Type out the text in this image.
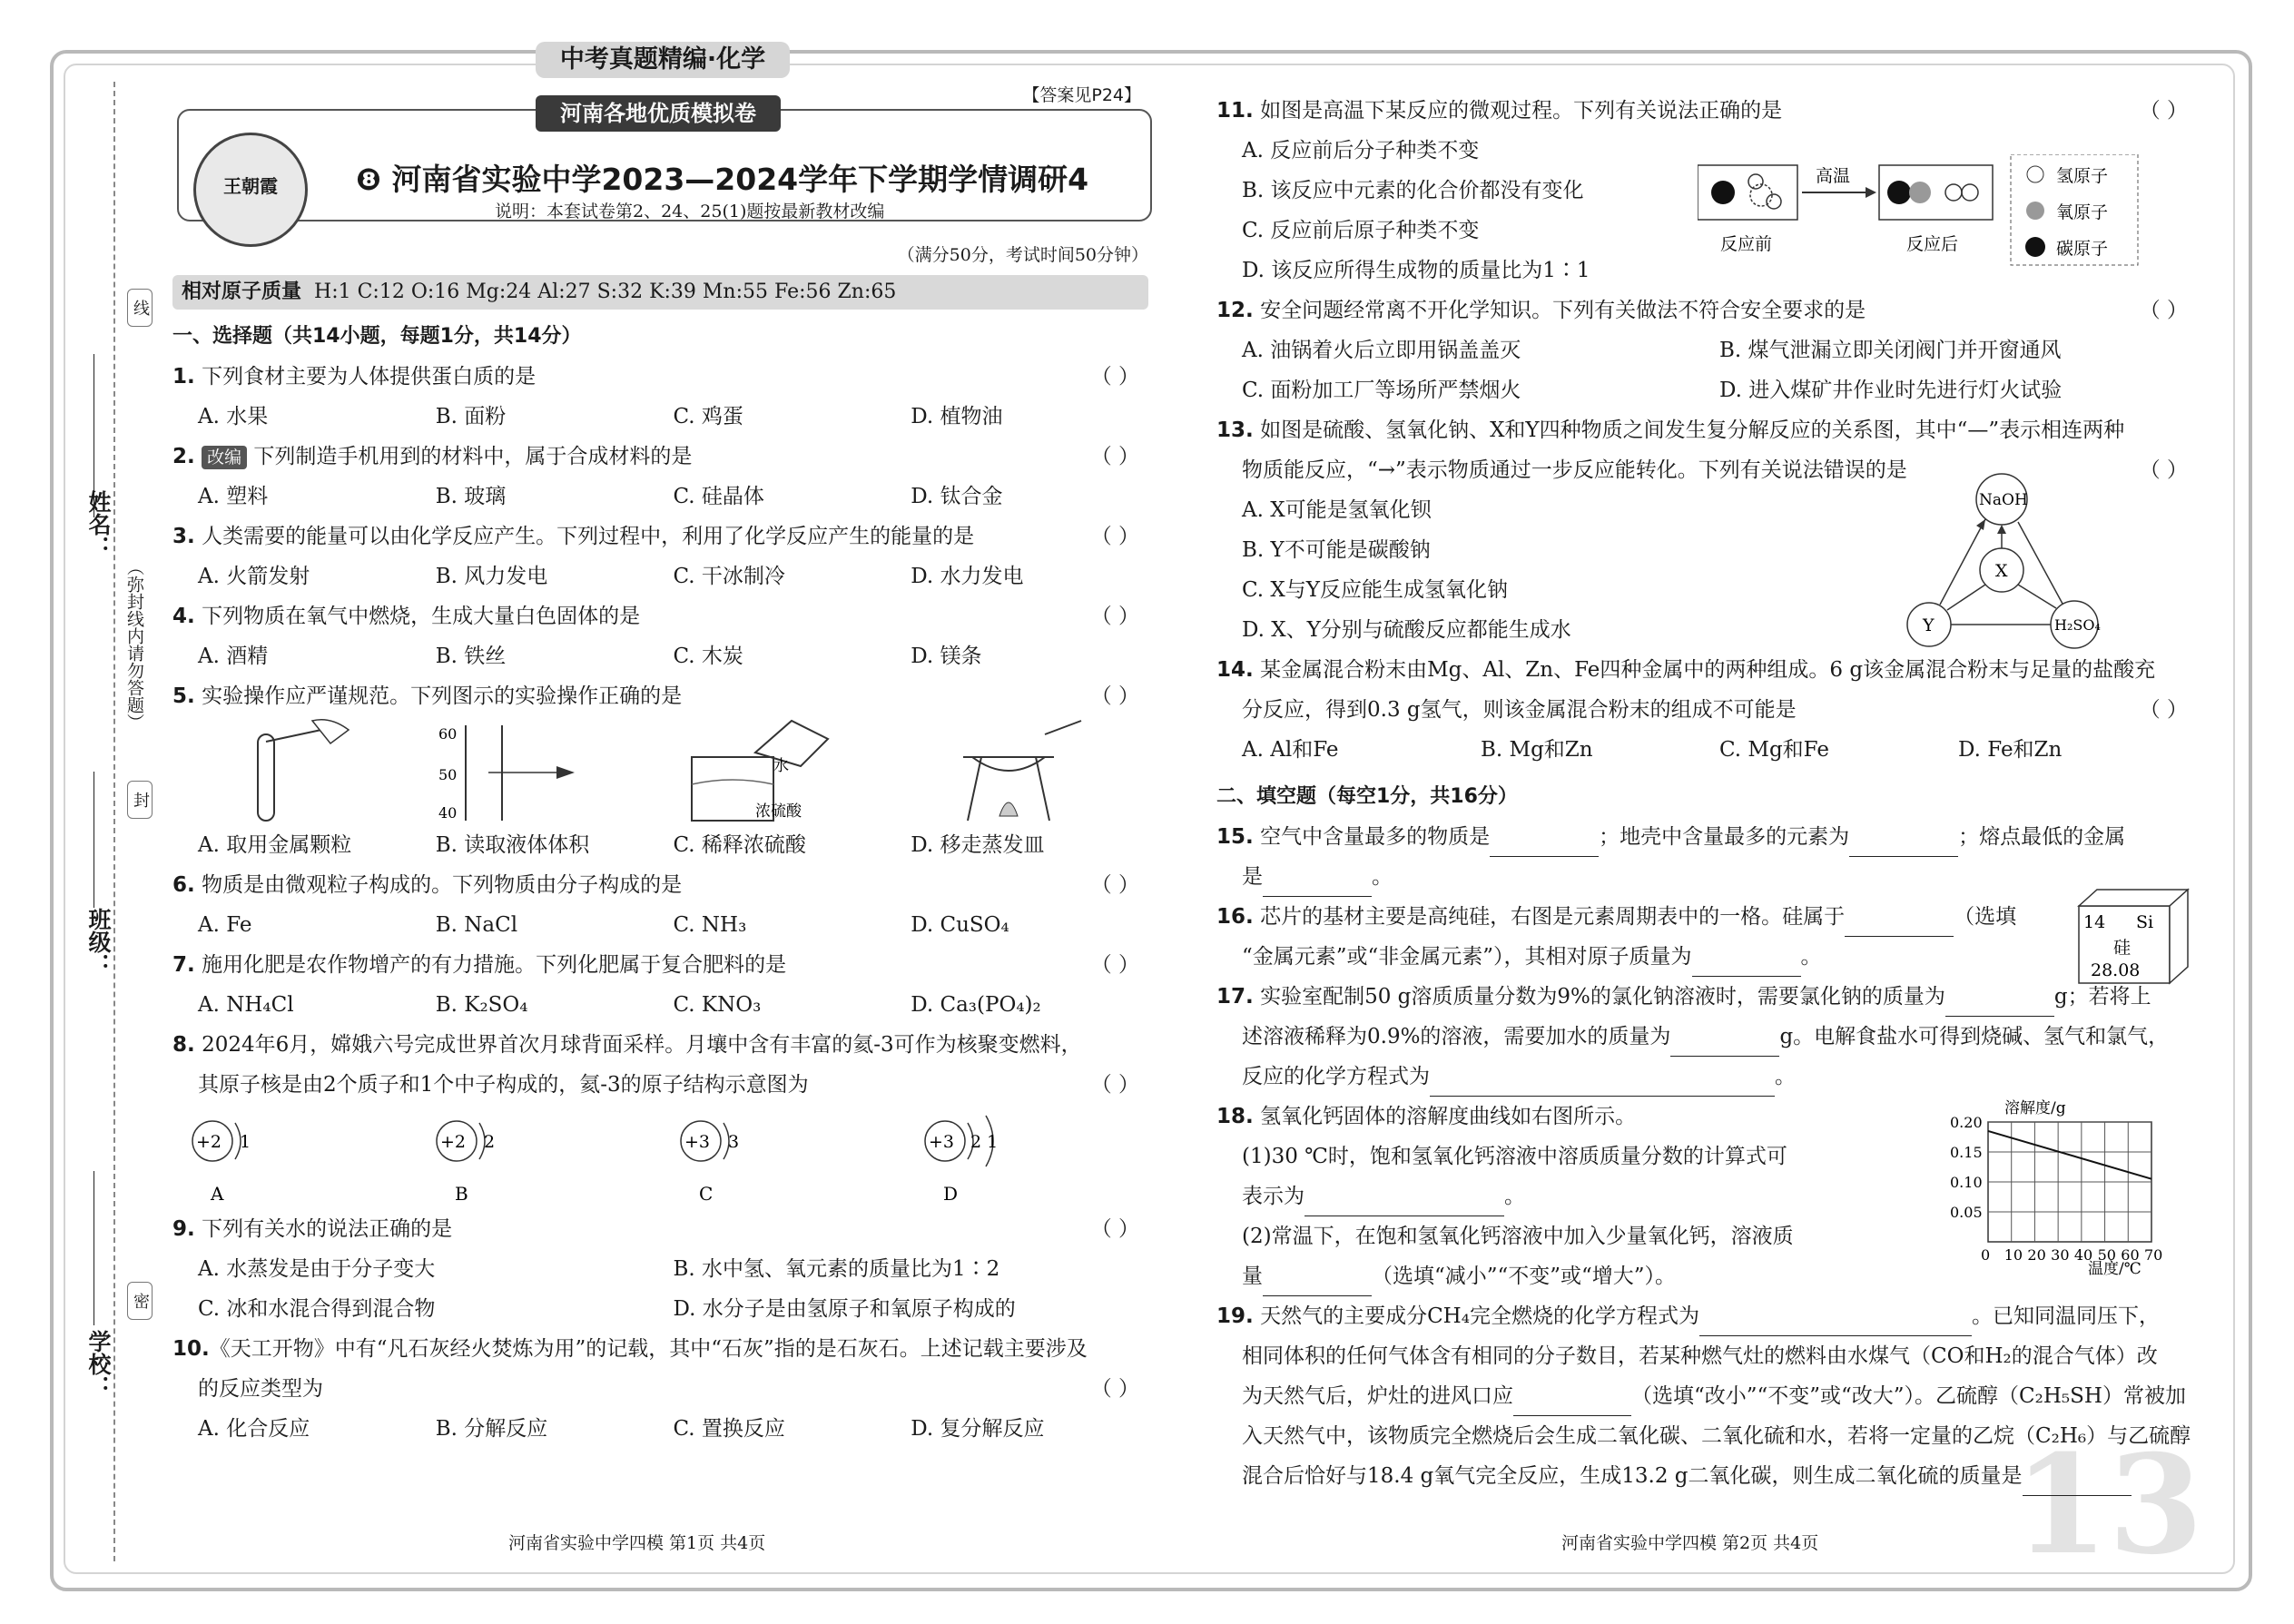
中考真题精编·化学
13
线
封
密
姓名：
班级：
学校：
（弥封线内请勿答题）
【答案见P24】
王朝霞	❽ 河南省实验中学2023—2024学年下学期学情调研4
河南各地优质模拟卷
说明：本套试卷第2、24、25(1)题按最新教材改编
（满分50分，考试时间50分钟）
相对原子质量 H:1 C:12 O:16 Mg:24 Al:27 S:32 K:39 Mn:55 Fe:56 Zn:65
一、选择题（共14小题，每题1分，共14分）
1. 下列食材主要为人体提供蛋白质的是	（ ）
A. 水果	B. 面粉	C. 鸡蛋	D. 植物油
2. 改编 下列制造手机用到的材料中，属于合成材料的是	（ ）
A. 塑料	B. 玻璃	C. 硅晶体	D. 钛合金
3. 人类需要的能量可以由化学反应产生。下列过程中，利用了化学反应产生的能量的是	（ ）
A. 火箭发射	B. 风力发电	C. 干冰制冷	D. 水力发电
4. 下列物质在氧气中燃烧，生成大量白色固体的是	（ ）
A. 酒精	B. 铁丝	C. 木炭	D. 镁条
5. 实验操作应严谨规范。下列图示的实验操作正确的是	（ ）
60
50
40
水
浓硫酸
A. 取用金属颗粒	B. 读取液体体积	C. 稀释浓硫酸	D. 移走蒸发皿
6. 物质是由微观粒子构成的。下列物质由分子构成的是	（ ）
A. Fe	B. NaCl	C. NH₃	D. CuSO₄
7. 施用化肥是农作物增产的有力措施。下列化肥属于复合肥料的是	（ ）
A. NH₄Cl	B. K₂SO₄	C. KNO₃	D. Ca₃(PO₄)₂
8. 2024年6月，嫦娥六号完成世界首次月球背面采样。月壤中含有丰富的氦-3可作为核聚变燃料，
其原子核是由2个质子和1个中子构成的，氦-3的原子结构示意图为	（ ）
+2 1
A
+2 2
B
+3 3
C
+3 2 1
D
9. 下列有关水的说法正确的是	（ ）
A. 水蒸发是由于分子变大	B. 水中氢、氧元素的质量比为1∶2
C. 冰和水混合得到混合物	D. 水分子是由氢原子和氧原子构成的
10.《天工开物》中有“凡石灰经火焚炼为用”的记载，其中“石灰”指的是石灰石。上述记载主要涉及
的反应类型为	（ ）
A. 化合反应	B. 分解反应	C. 置换反应	D. 复分解反应
河南省实验中学四模 第1页 共4页	河南省实验中学四模 第2页 共4页
11. 如图是高温下某反应的微观过程。下列有关说法正确的是	（ ）
A. 反应前后分子种类不变
B. 该反应中元素的化合价都没有变化
C. 反应前后原子种类不变
D. 该反应所得生成物的质量比为1∶1
高温
反应前	反应后
氢原子
氧原子
碳原子
12. 安全问题经常离不开化学知识。下列有关做法不符合安全要求的是	（ ）
A. 油锅着火后立即用锅盖盖灭	B. 煤气泄漏立即关闭阀门并开窗通风
C. 面粉加工厂等场所严禁烟火	D. 进入煤矿井作业时先进行灯火试验
13. 如图是硫酸、氢氧化钠、X和Y四种物质之间发生复分解反应的关系图，其中“—”表示相连两种
物质能反应，“→”表示物质通过一步反应能转化。下列有关说法错误的是	（ ）
A. X可能是氢氧化钡
B. Y不可能是碳酸钠
C. X与Y反应能生成氢氧化钠
D. X、Y分别与硫酸反应都能生成水
NaOH
X
Y	H₂SO₄
14. 某金属混合粉末由Mg、Al、Zn、Fe四种金属中的两种组成。6 g该金属混合粉末与足量的盐酸充
分反应，得到0.3 g氢气，则该金属混合粉末的组成不可能是	（ ）
A. Al和Fe	B. Mg和Zn	C. Mg和Fe	D. Fe和Zn
二、填空题（每空1分，共16分）
15. 空气中含量最多的物质是	；地壳中含量最多的元素为	；熔点最低的金属
是	。
16. 芯片的基材主要是高纯硅，右图是元素周期表中的一格。硅属于	（选填
“金属元素”或“非金属元素”），其相对原子质量为	。
14 Si
硅
28.08
17. 实验室配制50 g溶质质量分数为9%的氯化钠溶液时，需要氯化钠的质量为	g；若将上
述溶液稀释为0.9%的溶液，需要加水的质量为	g。电解食盐水可得到烧碱、氢气和氯气，
反应的化学方程式为	。
18. 氢氧化钙固体的溶解度曲线如右图所示。
(1)30 ℃时，饱和氢氧化钙溶液中溶质质量分数的计算式可
表示为	。
(2)常温下，在饱和氢氧化钙溶液中加入少量氧化钙，溶液质
量	（选填“减小”“不变”或“增大”）。
溶解度/g
温度/℃
0 10 20 30 40 50 60 70
0.05
0.10
0.15
0.20
19. 天然气的主要成分CH₄完全燃烧的化学方程式为	。已知同温同压下，
相同体积的任何气体含有相同的分子数目，若某种燃气灶的燃料由水煤气（CO和H₂的混合气体）改
为天然气后，炉灶的进风口应	（选填“改小”“不变”或“改大”）。乙硫醇（C₂H₅SH）常被加
入天然气中，该物质完全燃烧后会生成二氧化碳、二氧化硫和水，若将一定量的乙烷（C₂H₆）与乙硫醇
混合后恰好与18.4 g氧气完全反应，生成13.2 g二氧化碳，则生成二氧化硫的质量是
